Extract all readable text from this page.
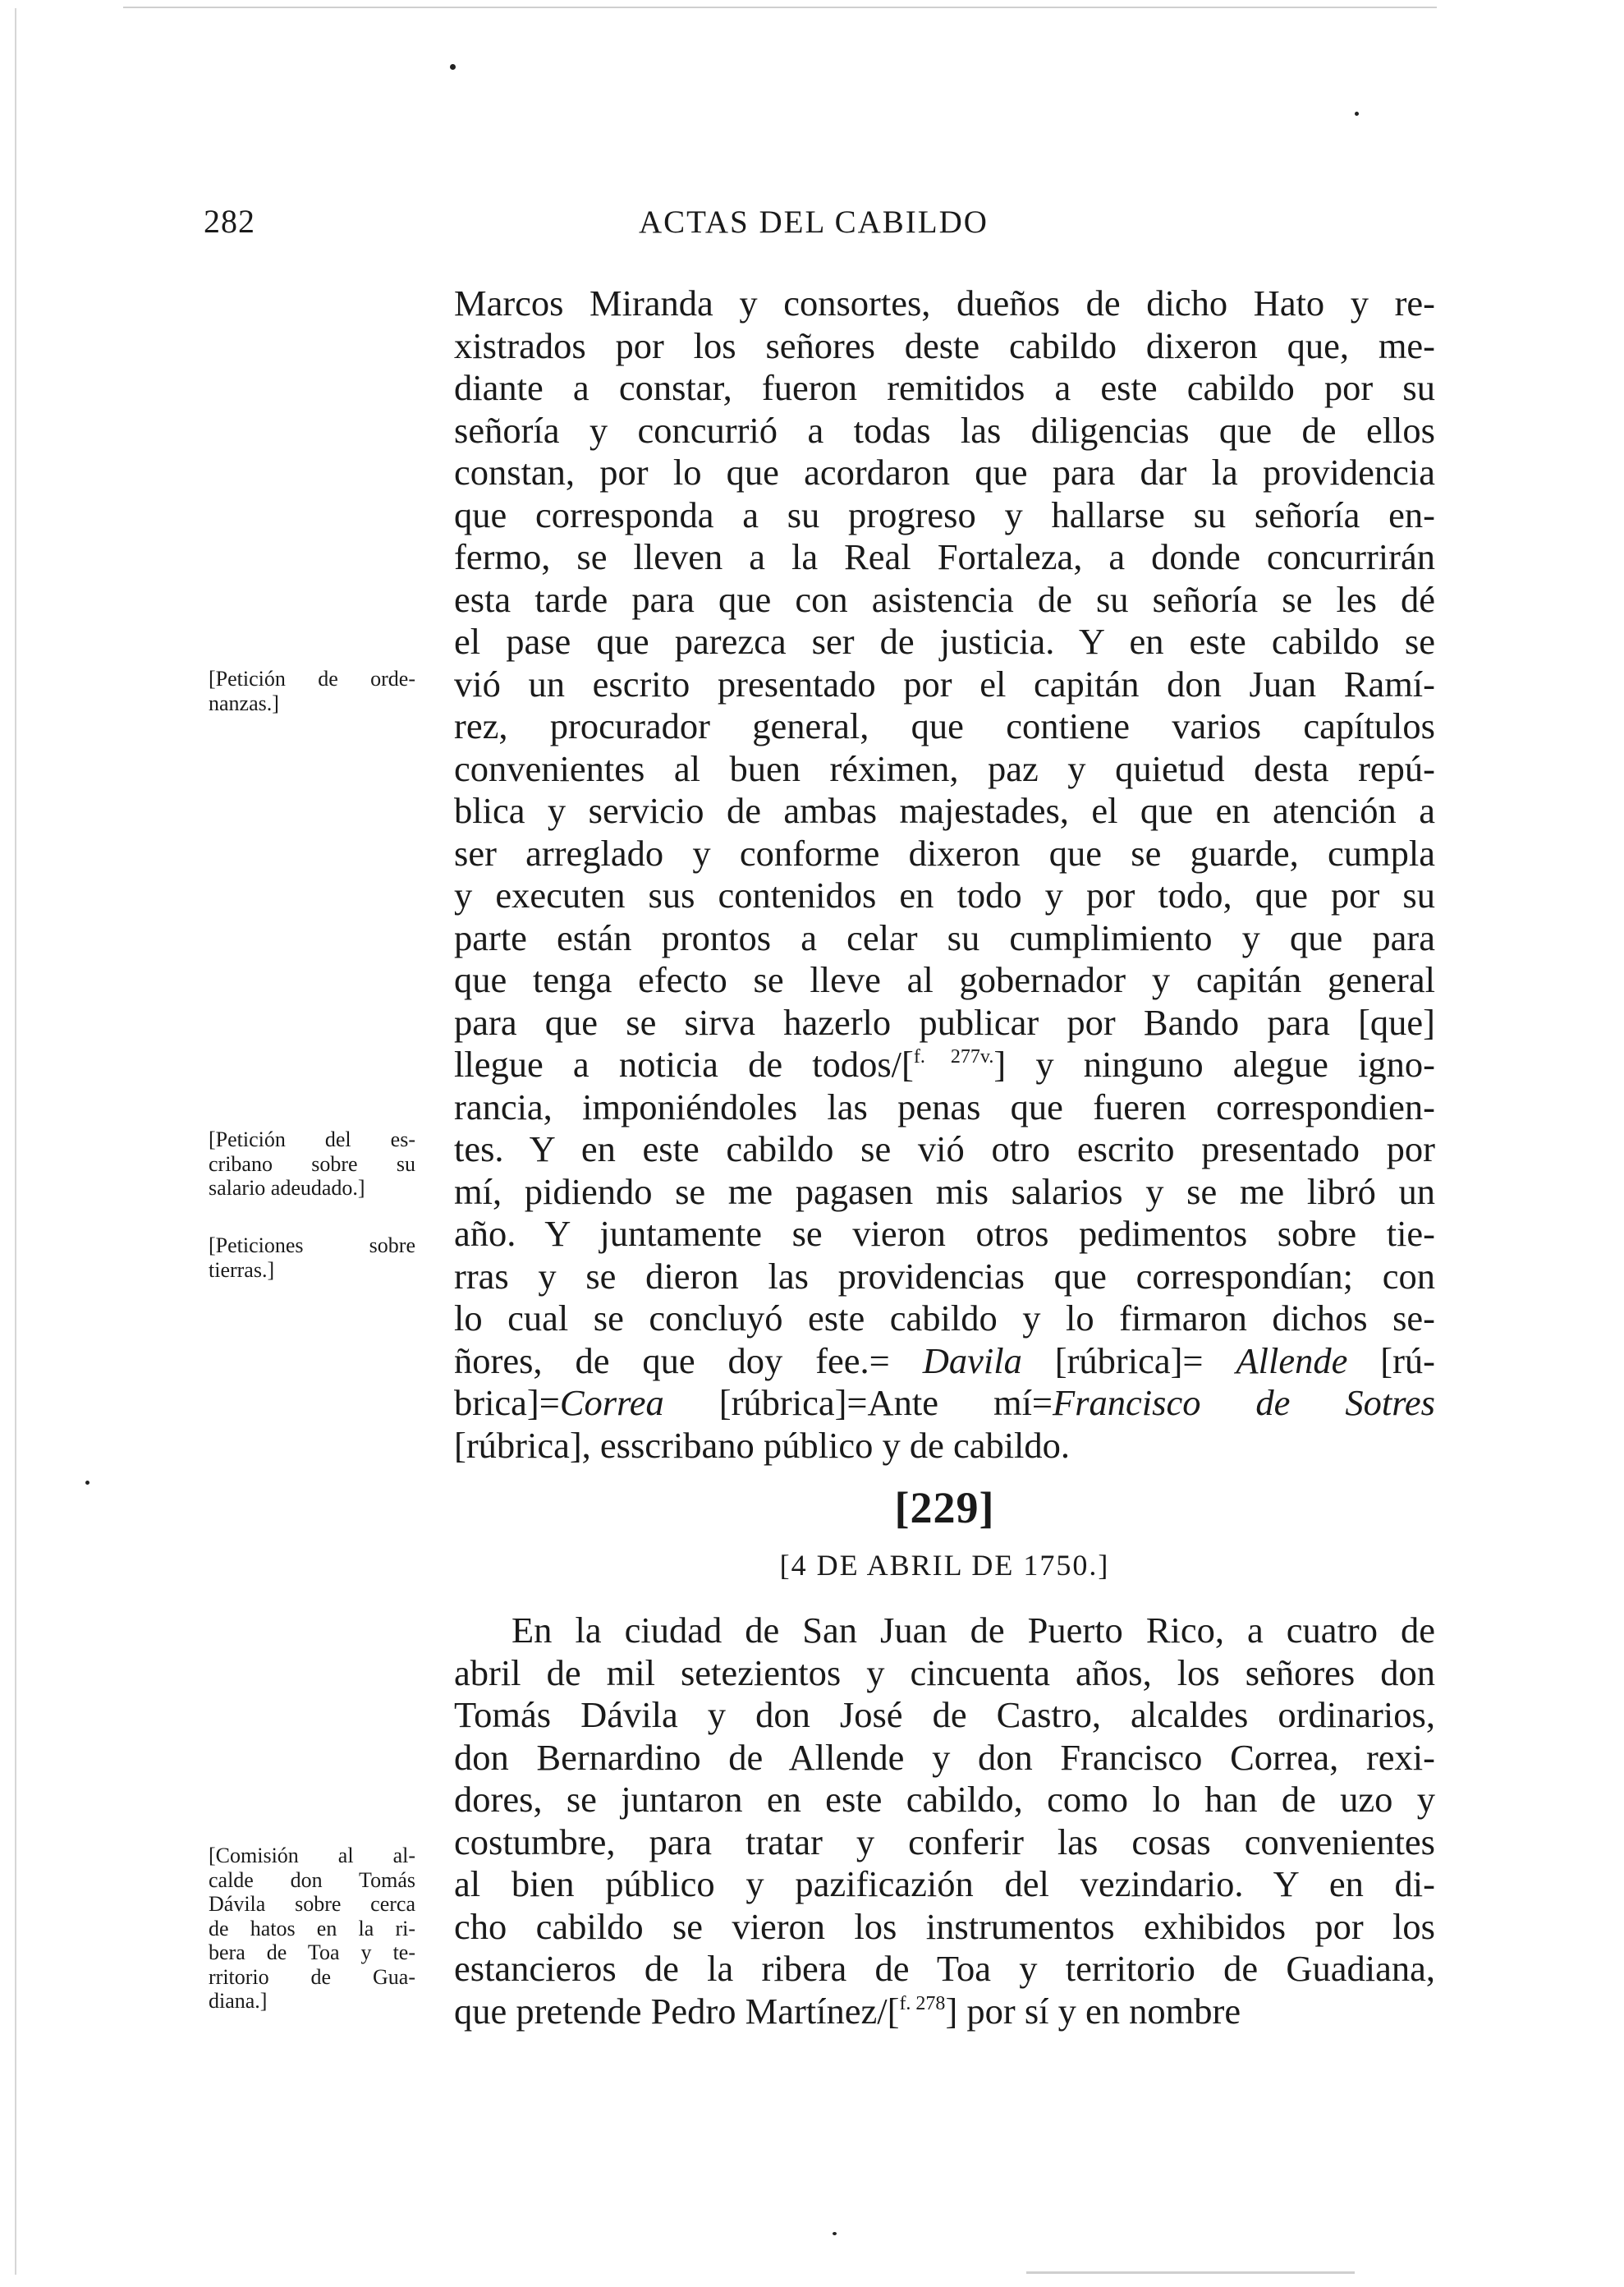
282	ACTAS DEL CABILDO
Marcos Miranda y consortes, dueños de dicho Hato y re-
xistrados por los señores deste cabildo dixeron que, me-
diante a constar, fueron remitidos a este cabildo por su
señoría y concurrió a todas las diligencias que de ellos
constan, por lo que acordaron que para dar la providencia
que corresponda a su progreso y hallarse su señoría en-
fermo, se lleven a la Real Fortaleza, a donde concurrirán
esta tarde para que con asistencia de su señoría se les dé
el pase que parezca ser de justicia. Y en este cabildo se
vió un escrito presentado por el capitán don Juan Ramí-
rez, procurador general, que contiene varios capítulos
convenientes al buen réximen, paz y quietud desta repú-
blica y servicio de ambas majestades, el que en atención a
ser arreglado y conforme dixeron que se guarde, cumpla
y executen sus contenidos en todo y por todo, que por su
parte están prontos a celar su cumplimiento y que para
que tenga efecto se lleve al gobernador y capitán general
para que se sirva hazerlo publicar por Bando para [que]
llegue a noticia de todos/[$^{f. 277v.}$] y ninguno alegue igno-
rancia, imponiéndoles las penas que fueren correspondien-
tes. Y en este cabildo se vió otro escrito presentado por
mí, pidiendo se me pagasen mis salarios y se me libró un
año. Y juntamente se vieron otros pedimentos sobre tie-
rras y se dieron las providencias que correspondían; con
lo cual se concluyó este cabildo y lo firmaron dichos se-
ñores, de que doy fee.= Davila [rúbrica]= Allende [rú-
brica]=Correa [rúbrica]=Ante mí=Francisco de Sotres
[rúbrica], esscribano público y de cabildo.
[229]
[4 DE ABRIL DE 1750.]
En la ciudad de San Juan de Puerto Rico, a cuatro de
abril de mil setezientos y cincuenta años, los señores don
Tomás Dávila y don José de Castro, alcaldes ordinarios,
don Bernardino de Allende y don Francisco Correa, rexi-
dores, se juntaron en este cabildo, como lo han de uzo y
costumbre, para tratar y conferir las cosas convenientes
al bien público y pazificazión del vezindario. Y en di-
cho cabildo se vieron los instrumentos exhibidos por los
estancieros de la ribera de Toa y territorio de Guadiana,
que pretende Pedro Martínez/[$^{f. 278}$] por sí y en nombre
[Petición de orde-
nanzas.]
[Petición del es-
cribano sobre su
salario adeudado.]
[Peticiones sobre
tierras.]
[Comisión al al-
calde don Tomás
Dávila sobre cerca
de hatos en la ri-
bera de Toa y te-
rritorio de Gua-
diana.]
